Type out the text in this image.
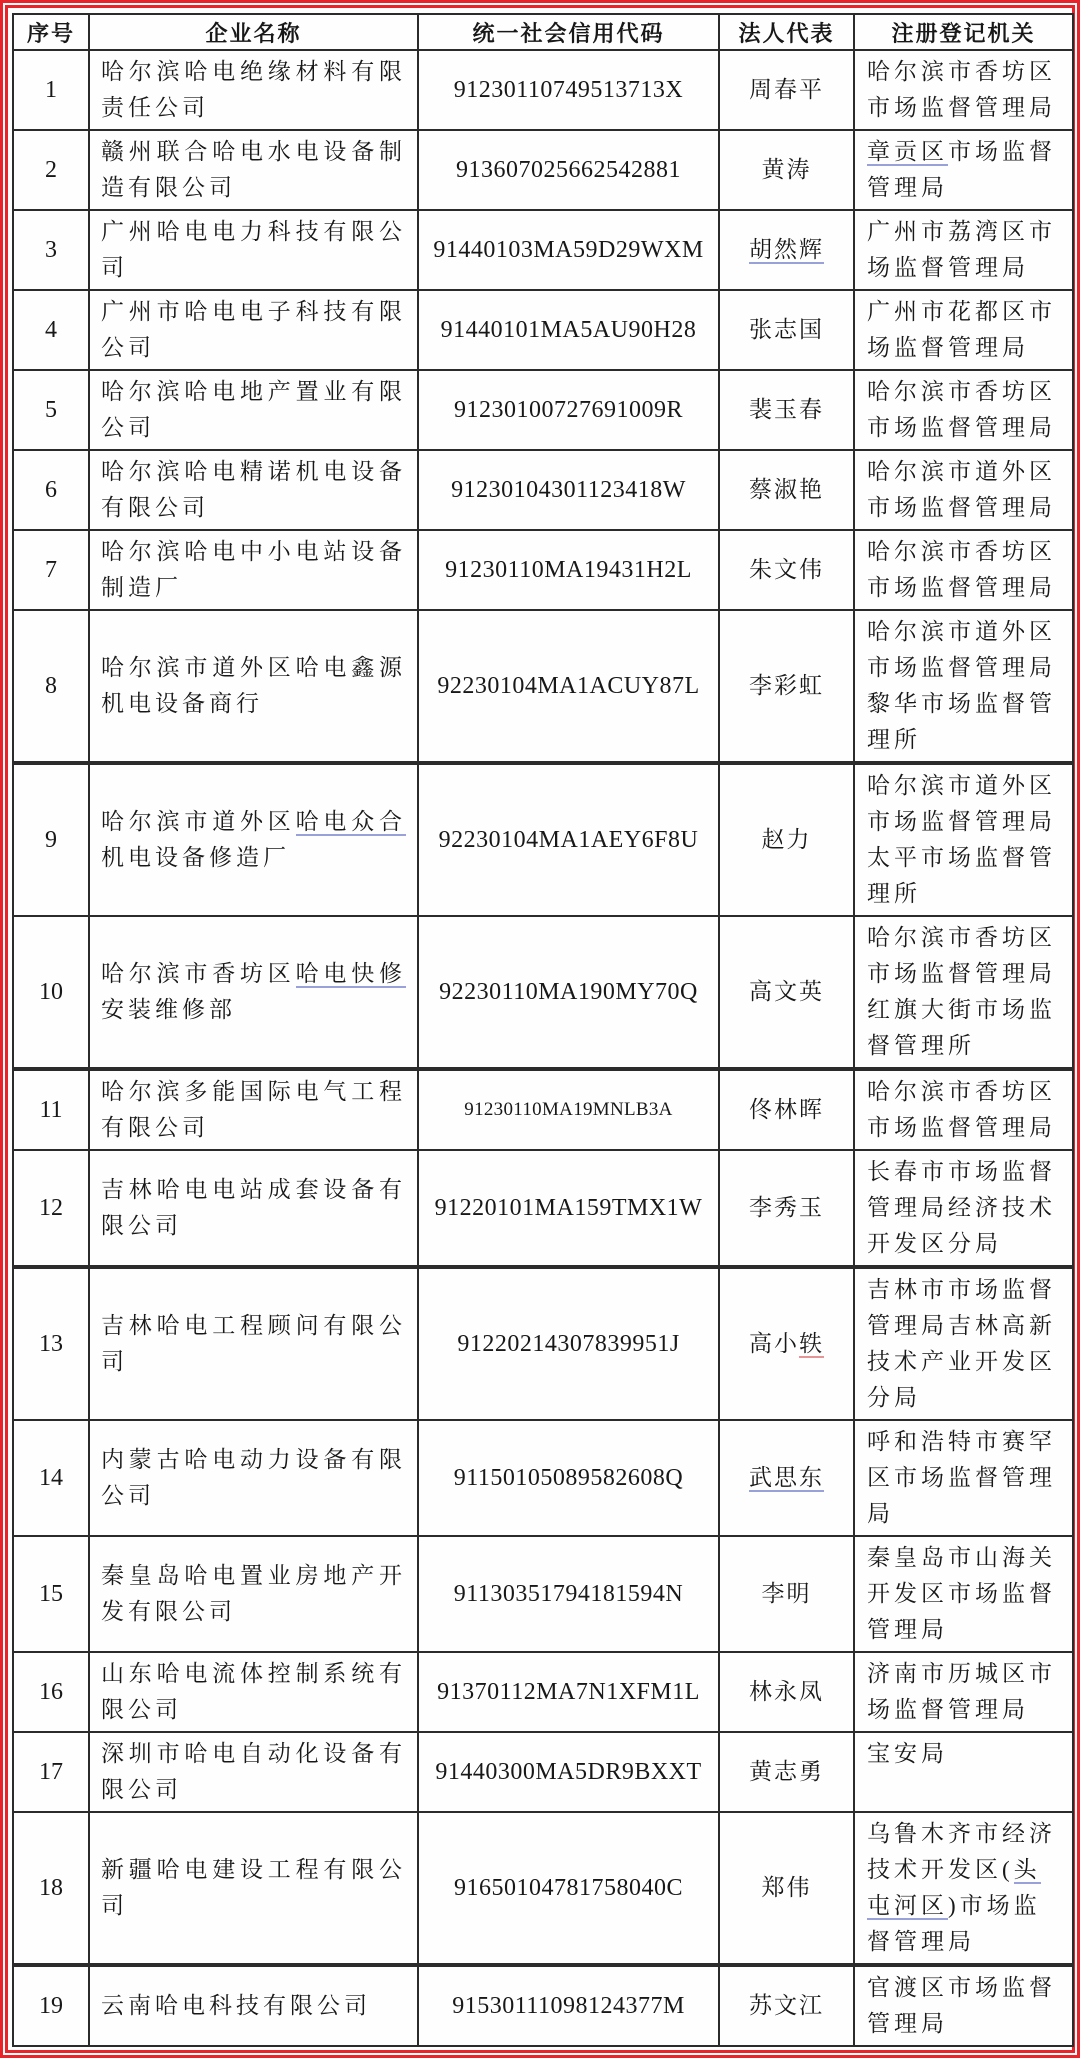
序号	企业名称	统一社会信用代码	法人代表	注册登记机关
1	哈尔滨哈电绝缘材料有限责任公司	91230110749513713X	周春平	哈尔滨市香坊区市场监督管理局
2	赣州联合哈电水电设备制造有限公司	913607025662542881	黄涛	章贡区市场监督管理局
3	广州哈电电力科技有限公司	91440103MA59D29WXM	胡然辉	广州市荔湾区市场监督管理局
4	广州市哈电电子科技有限公司	91440101MA5AU90H28	张志国	广州市花都区市场监督管理局
5	哈尔滨哈电地产置业有限公司	91230100727691009R	裴玉春	哈尔滨市香坊区市场监督管理局
6	哈尔滨哈电精诺机电设备有限公司	91230104301123418W	蔡淑艳	哈尔滨市道外区市场监督管理局
7	哈尔滨哈电中小电站设备制造厂	91230110MA19431H2L	朱文伟	哈尔滨市香坊区市场监督管理局
8	哈尔滨市道外区哈电鑫源机电设备商行	92230104MA1ACUY87L	李彩虹	哈尔滨市道外区市场监督管理局黎华市场监督管理所
9	哈尔滨市道外区哈电众合机电设备修造厂	92230104MA1AEY6F8U	赵力	哈尔滨市道外区市场监督管理局太平市场监督管理所
10	哈尔滨市香坊区哈电快修安装维修部	92230110MA190MY70Q	高文英	哈尔滨市香坊区市场监督管理局红旗大街市场监督管理所
11	哈尔滨多能国际电气工程有限公司	91230110MA19MNLB3A	佟林晖	哈尔滨市香坊区市场监督管理局
12	吉林哈电电站成套设备有限公司	91220101MA159TMX1W	李秀玉	长春市市场监督管理局经济技术开发区分局
13	吉林哈电工程顾问有限公司	91220214307839951J	高小轶	吉林市市场监督管理局吉林高新技术产业开发区分局
14	内蒙古哈电动力设备有限公司	91150105089582608Q	武思东	呼和浩特市赛罕区市场监督管理局
15	秦皇岛哈电置业房地产开发有限公司	91130351794181594N	李明	秦皇岛市山海关开发区市场监督管理局
16	山东哈电流体控制系统有限公司	91370112MA7N1XFM1L	林永凤	济南市历城区市场监督管理局
17	深圳市哈电自动化设备有限公司	91440300MA5DR9BXXT	黄志勇	宝安局
18	新疆哈电建设工程有限公司	91650104781758040C	郑伟	乌鲁木齐市经济技术开发区(头屯河区)市场监督管理局
19	云南哈电科技有限公司	91530111098124377M	苏文江	官渡区市场监督管理局
